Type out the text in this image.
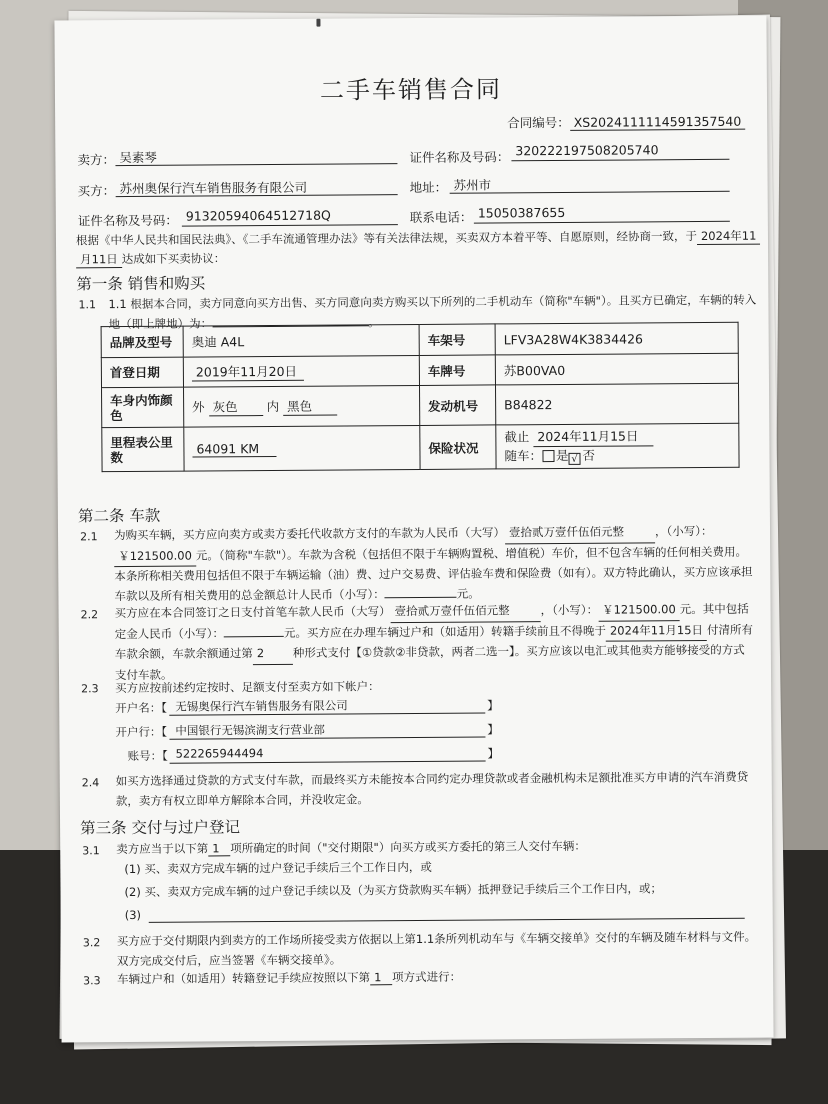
二手车销售合同
合同编号： XS2024111114591357540
卖方： 吴素琴	证件名称及号码： 320222197508205740
买方： 苏州奥保行汽车销售服务有限公司	地址： 苏州市
证件名称及号码： 91320594064512718Q	联系电话： 15050387655
根据《中华人民共和国民法典》、《二手车流通管理办法》等有关法律法规，买卖双方本着平等、自愿原则，经协商一致，于 2024年11
月11日 达成如下买卖协议：
第一条 销售和购买
1.1 1.1 根据本合同，卖方同意向买方出售、买方同意向卖方购买以下所列的二手机动车（简称"车辆"）。且买方已确定，车辆的转入
地（即上牌地）为：	。
品牌及型号	奥迪 A4L	车架号	LFV3A28W4K3834426
首登日期	2019年11月20日	车牌号	苏B00VA0
车身内饰颜色	外 灰色 内 黑色	发动机号	B84822
里程表公里数	64091 KM	保险状况	截止 2024年11月15日
随车： 是 √ 否
第二条 车款
2.1 为购买车辆，买方应向卖方或卖方委托代收款方支付的车款为人民币（大写） 壹拾贰万壹仟伍佰元整	，（小写）：￥121500.00 元。（简称"车款"）。车款为含税（包括但不限于车辆购置税、增值税）车价，但不包含车辆的任何相关费用。本条所称相关费用包括但不限于车辆运输（油）费、过户交易费、评估验车费和保险费（如有）。双方特此确认，买方应该承担车款以及所有相关费用的总金额总计人民币（小写）：	元。
2.2 买方应在本合同签订之日支付首笔车款人民币（大写） 壹拾贰万壹仟伍佰元整	，（小写）： ￥121500.00 元。其中包括定金人民币（小写）：	元。买方应在办理车辆过户和（如适用）转籍手续前且不得晚于 2024年11月15日 付清所有车款余额，车款余额通过第 2 种形式支付【①贷款②非贷款，两者二选一】。买方应该以电汇或其他卖方能够接受的方式支付车款。
2.3 买方应按前述约定按时、足额支付至卖方如下帐户：
开户名：【 无锡奥保行汽车销售服务有限公司	】
开户行：【 中国银行无锡滨湖支行营业部	】
账号：【 522265944494	】
2.4 如买方选择通过贷款的方式支付车款，而最终买方未能按本合同约定办理贷款或者金融机构未足额批准买方申请的汽车消费贷款，卖方有权立即单方解除本合同，并没收定金。
第三条 交付与过户登记
3.1 卖方应当于以下第 1 项所确定的时间（"交付期限"）向买方或买方委托的第三人交付车辆：
(1) 买、卖双方完成车辆的过户登记手续后三个工作日内，或
(2) 买、卖双方完成车辆的过户登记手续以及（为买方贷款购买车辆）抵押登记手续后三个工作日内，或；
(3)
3.2 买方应于交付期限内到卖方的工作场所接受卖方依据以上第1.1条所列机动车与《车辆交接单》交付的车辆及随车材料与文件。双方完成交付后，应当签署《车辆交接单》。
3.3 车辆过户和（如适用）转籍登记手续应按照以下第 1 项方式进行：
